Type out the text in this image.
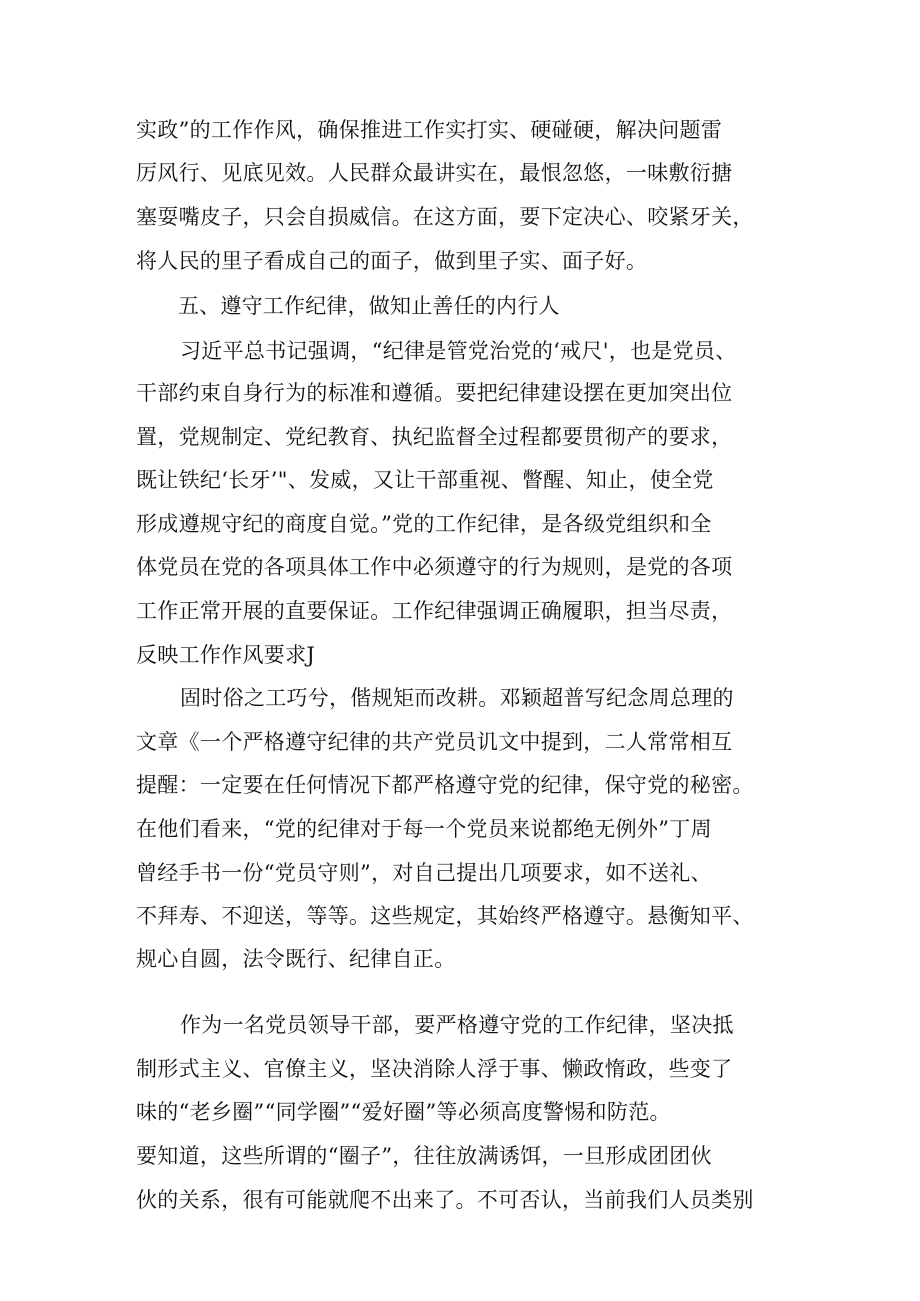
实政”的工作作风，确保推进工作实打实、硬碰硬，解决问题雷
厉风行、见底见效。人民群众最讲实在，最恨忽悠，一味敷衍搪
塞耍嘴皮子，只会自损威信。在这方面，要下定决心、咬紧牙关，
将人民的里子看成自己的面子，做到里子实、面子好。
五、遵守工作纪律，做知止善任的内行人
习近平总书记强调，“纪律是管党治党的‘戒尺'，也是党员、
干部约束自身行为的标准和遵循。要把纪律建设摆在更加突出位
置，党规制定、党纪教育、执纪监督全过程都要贯彻产的要求，
既让铁纪‘长牙’"、发威，又让干部重视、瞥醒、知止，使全党
形成遵规守纪的商度自觉。”党的工作纪律，是各级党组织和全
体党员在党的各项具体工作中必须遵守的行为规则，是党的各项
工作正常开展的直要保证。工作纪律强调正确履职，担当尽责，
反映工作作风要求J
固时俗之工巧兮，偕规矩而改耕。邓颖超普写纪念周总理的
文章《一个严格遵守纪律的共产党员讥文中提到，二人常常相互
提醒：一定要在任何情况下都严格遵守党的纪律，保守党的秘密。
在他们看来，“党的纪律对于每一个党员来说都绝无例外”丁周
曾经手书一份“党员守则”，对自己提出几项要求，如不送礼、
不拜寿、不迎送，等等。这些规定，其始终严格遵守。悬衡知平、
规心自圆，法令既行、纪律自正。
作为一名党员领导干部，要严格遵守党的工作纪律，坚决抵
制形式主义、官僚主义，坚决消除人浮于事、懒政惰政，些变了
味的“老乡圈”“同学圈”“爱好圈”等必须高度警惕和防范。
要知道，这些所谓的“圈子”，往往放满诱饵，一旦形成团团伙
伙的关系，很有可能就爬不出来了。不可否认，当前我们人员类别
